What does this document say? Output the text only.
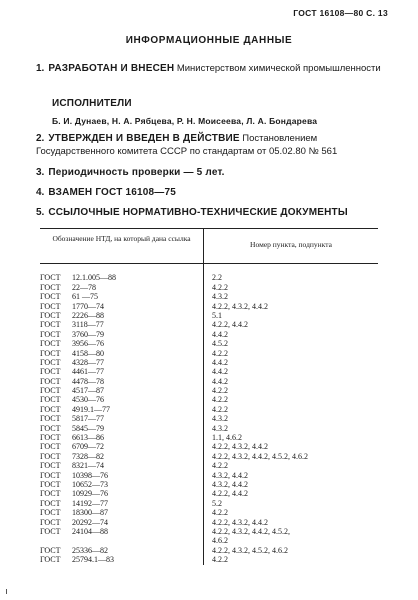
ГОСТ 16108—80 С. 13
ИНФОРМАЦИОННЫЕ ДАННЫЕ
1. РАЗРАБОТАН И ВНЕСЕН Министерством химической промышленности
ИСПОЛНИТЕЛИ
Б. И. Дунаев, Н. А. Рябцева, Р. Н. Моисеева, Л. А. Бондарева
2. УТВЕРЖДЕН И ВВЕДЕН В ДЕЙСТВИЕ Постановлением Государственного комитета СССР по стандартам от 05.02.80 № 561
3. Периодичность проверки — 5 лет.
4. ВЗАМЕН ГОСТ 16108—75
5. ССЫЛОЧНЫЕ НОРМАТИВНО-ТЕХНИЧЕСКИЕ ДОКУМЕНТЫ
Обозначение НТД, на который дана ссылка
Номер пункта, подпункта
ГОСТ	12.1.005—88	2.2
ГОСТ	22—78	4.2.2
ГОСТ	61 —75	4.3.2
ГОСТ	1770—74	4.2.2, 4.3.2, 4.4.2
ГОСТ	2226—88	5.1
ГОСТ	3118—77	4.2.2, 4.4.2
ГОСТ	3760—79	4.4.2
ГОСТ	3956—76	4.5.2
ГОСТ	4158—80	4.2.2
ГОСТ	4328—77	4.4.2
ГОСТ	4461—77	4.4.2
ГОСТ	4478—78	4.4.2
ГОСТ	4517—87	4.2.2
ГОСТ	4530—76	4.2.2
ГОСТ	4919.1—77	4.2.2
ГОСТ	5817—77	4.3.2
ГОСТ	5845—79	4.3.2
ГОСТ	6613—86	1.1, 4.6.2
ГОСТ	6709—72	4.2.2, 4.3.2, 4.4.2
ГОСТ	7328—82	4.2.2, 4.3.2, 4.4.2, 4.5.2, 4.6.2
ГОСТ	8321—74	4.2.2
ГОСТ	10398—76	4.3.2, 4.4.2
ГОСТ	10652—73	4.3.2, 4.4.2
ГОСТ	10929—76	4.2.2, 4.4.2
ГОСТ	14192—77	5.2
ГОСТ	18300—87	4.2.2
ГОСТ	20292—74	4.2.2, 4.3.2, 4.4.2
ГОСТ	24104—88	4.2.2, 4.3.2, 4.4.2, 4.5.2,
4.6.2
ГОСТ	25336—82	4.2.2, 4.3.2, 4.5.2, 4.6.2
ГОСТ	25794.1—83	4.2.2
